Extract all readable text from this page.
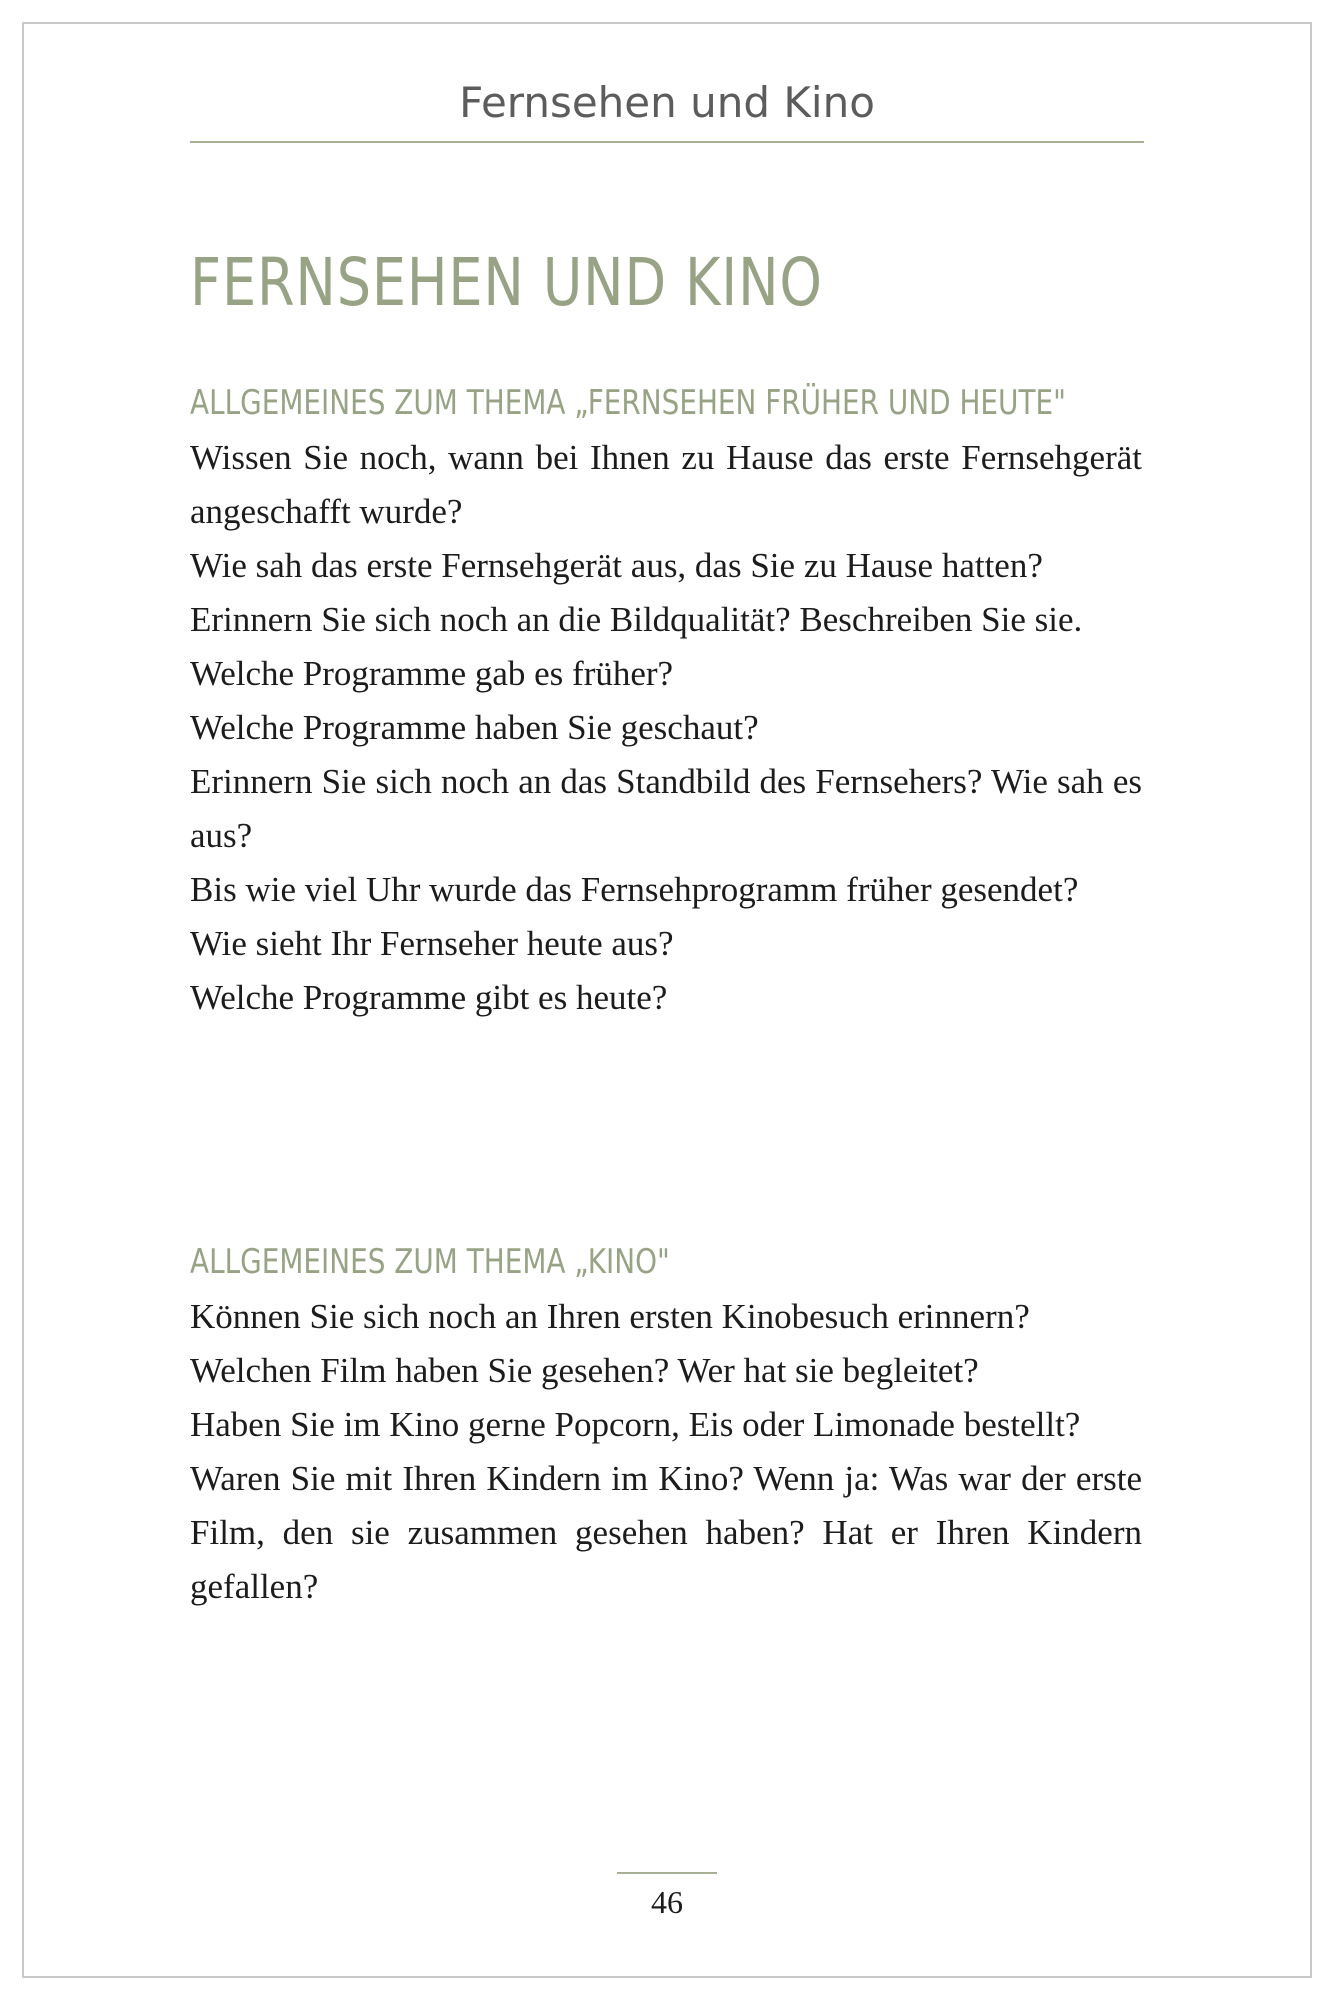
Fernsehen und Kino
FERNSEHEN UND KINO
ALLGEMEINES ZUM THEMA „FERNSEHEN FRÜHER UND HEUTE"
Wissen Sie noch, wann bei Ihnen zu Hause das erste Fernsehgerät angeschafft wurde?
Wie sah das erste Fernsehgerät aus, das Sie zu Hause hatten?
Erinnern Sie sich noch an die Bildqualität? Beschreiben Sie sie.
Welche Programme gab es früher?
Welche Programme haben Sie geschaut?
Erinnern Sie sich noch an das Standbild des Fernsehers? Wie sah es aus?
Bis wie viel Uhr wurde das Fernsehprogramm früher gesendet?
Wie sieht Ihr Fernseher heute aus?
Welche Programme gibt es heute?
ALLGEMEINES ZUM THEMA „KINO"
Können Sie sich noch an Ihren ersten Kinobesuch erinnern?
Welchen Film haben Sie gesehen? Wer hat sie begleitet?
Haben Sie im Kino gerne Popcorn, Eis oder Limonade bestellt?
Waren Sie mit Ihren Kindern im Kino? Wenn ja: Was war der erste Film, den sie zusammen gesehen haben? Hat er Ihren Kindern gefallen?
46
